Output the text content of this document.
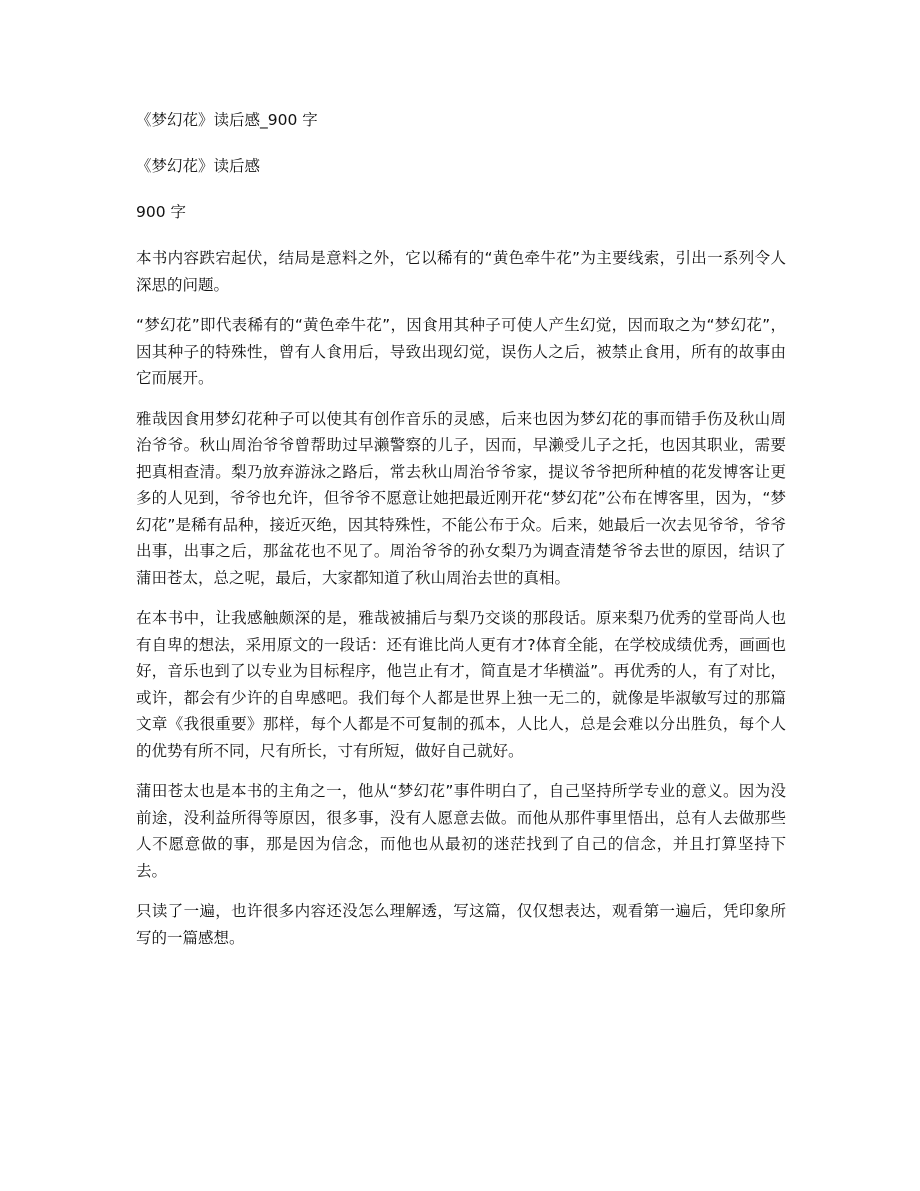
《梦幻花》读后感_900 字
《梦幻花》读后感
900 字

本书内容跌宕起伏，结局是意料之外，它以稀有的“黄色牵牛花”为主要线索，引出一系列令人深思的问题。

“梦幻花”即代表稀有的“黄色牵牛花”，因食用其种子可使人产生幻觉，因而取之为“梦幻花”，因其种子的特殊性，曾有人食用后，导致出现幻觉，误伤人之后，被禁止食用，所有的故事由它而展开。

雅哉因食用梦幻花种子可以使其有创作音乐的灵感，后来也因为梦幻花的事而错手伤及秋山周治爷爷。秋山周治爷爷曾帮助过早濑警察的儿子，因而，早濑受儿子之托，也因其职业，需要把真相查清。梨乃放弃游泳之路后，常去秋山周治爷爷家，提议爷爷把所种植的花发博客让更多的人见到，爷爷也允许，但爷爷不愿意让她把最近刚开花“梦幻花”公布在博客里，因为，“梦幻花”是稀有品种，接近灭绝，因其特殊性，不能公布于众。后来，她最后一次去见爷爷，爷爷出事，出事之后，那盆花也不见了。周治爷爷的孙女梨乃为调查清楚爷爷去世的原因，结识了蒲田苍太，总之呢，最后，大家都知道了秋山周治去世的真相。

在本书中，让我感触颇深的是，雅哉被捕后与梨乃交谈的那段话。原来梨乃优秀的堂哥尚人也有自卑的想法，采用原文的一段话：还有谁比尚人更有才?体育全能，在学校成绩优秀，画画也好，音乐也到了以专业为目标程序，他岂止有才，简直是才华横溢”。再优秀的人，有了对比，或许，都会有少许的自卑感吧。我们每个人都是世界上独一无二的，就像是毕淑敏写过的那篇文章《我很重要》那样，每个人都是不可复制的孤本，人比人，总是会难以分出胜负，每个人的优势有所不同，尺有所长，寸有所短，做好自己就好。

蒲田苍太也是本书的主角之一，他从“梦幻花”事件明白了，自己坚持所学专业的意义。因为没前途，没利益所得等原因，很多事，没有人愿意去做。而他从那件事里悟出，总有人去做那些人不愿意做的事，那是因为信念，而他也从最初的迷茫找到了自己的信念，并且打算坚持下去。

只读了一遍，也许很多内容还没怎么理解透，写这篇，仅仅想表达，观看第一遍后，凭印象所写的一篇感想。
